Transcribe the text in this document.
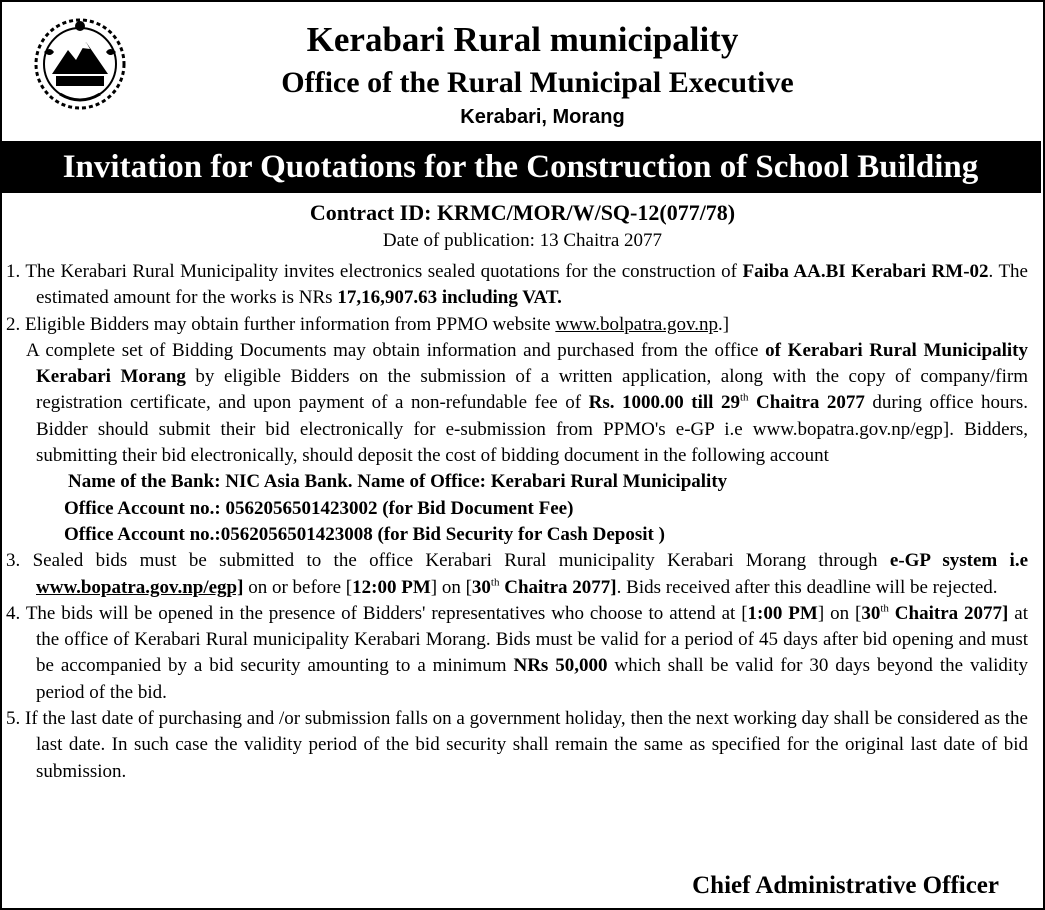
Kerabari Rural municipality
Office of the Rural Municipal Executive
Kerabari, Morang
Invitation for Quotations for the Construction of School Building
Contract ID: KRMC/MOR/W/SQ-12(077/78)
Date of publication: 13 Chaitra 2077

1. The Kerabari Rural Municipality invites electronics sealed quotations for the construction of Faiba AA.BI Kerabari RM-02. The estimated amount for the works is NRs 17,16,907.63 including VAT.

2. Eligible Bidders may obtain further information from PPMO website www.bolpatra.gov.np.]

A complete set of Bidding Documents may obtain information and purchased from the office of Kerabari Rural Municipality Kerabari Morang by eligible Bidders on the submission of a written application, along with the copy of company/firm registration certificate, and upon payment of a non-refundable fee of Rs. 1000.00 till 29th Chaitra 2077 during office hours. Bidder should submit their bid electronically for e-submission from PPMO's e-GP i.e www.bopatra.gov.np/egp]. Bidders, submitting their bid electronically, should deposit the cost of bidding document in the following account

Name of the Bank: NIC Asia Bank. Name of Office: Kerabari Rural Municipality
Office Account no.: 0562056501423002 (for Bid Document Fee)
Office Account no.:0562056501423008 (for Bid Security for Cash Deposit )

3. Sealed bids must be submitted to the office Kerabari Rural municipality Kerabari Morang through e-GP system i.e www.bopatra.gov.np/egp] on or before [12:00 PM] on [30th Chaitra 2077]. Bids received after this deadline will be rejected.

4. The bids will be opened in the presence of Bidders' representatives who choose to attend at [1:00 PM] on [30th Chaitra 2077] at the office of Kerabari Rural municipality Kerabari Morang. Bids must be valid for a period of 45 days after bid opening and must be accompanied by a bid security amounting to a minimum NRs 50,000 which shall be valid for 30 days beyond the validity period of the bid.

5. If the last date of purchasing and /or submission falls on a government holiday, then the next working day shall be considered as the last date. In such case the validity period of the bid security shall remain the same as specified for the original last date of bid submission.

Chief Administrative Officer
